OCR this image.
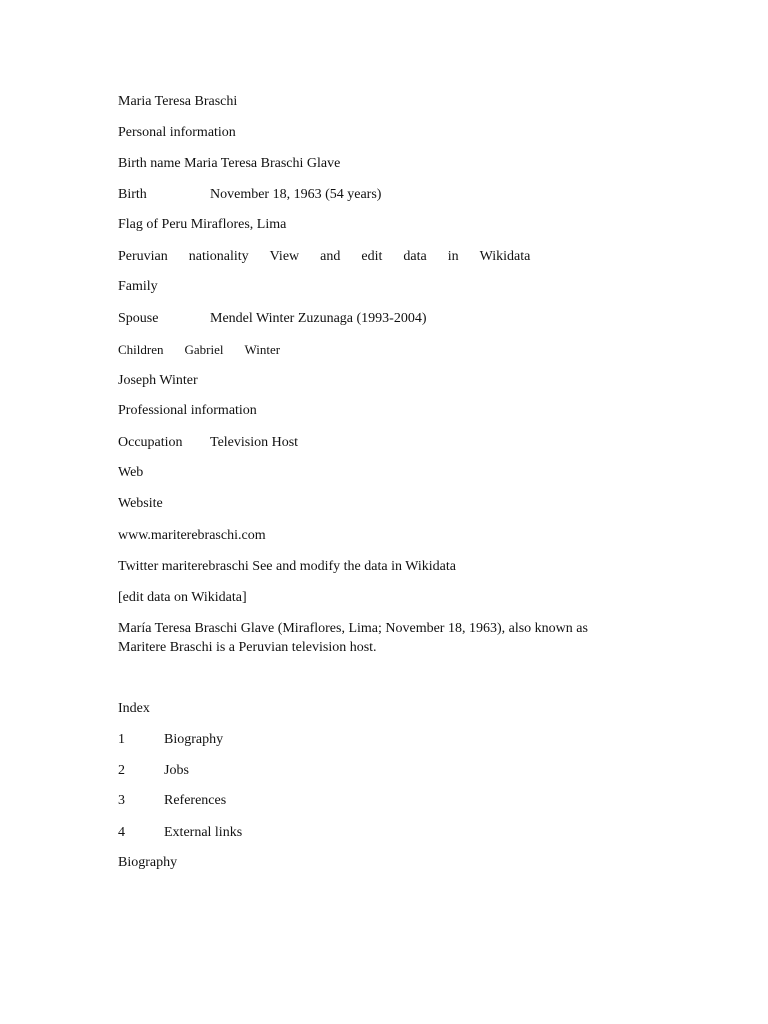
Maria Teresa Braschi
Personal information
Birth name Maria Teresa Braschi Glave
Birth	November 18, 1963 (54 years)
Flag of Peru Miraflores, Lima
Peruvian nationality View and edit data in Wikidata
Family
Spouse	Mendel Winter Zuzunaga (1993-2004)
Children Gabriel Winter
Joseph Winter
Professional information
Occupation Television Host
Web
Website
www.mariterebraschi.com
Twitter mariterebraschi See and modify the data in Wikidata
[edit data on Wikidata]
María Teresa Braschi Glave (Miraflores, Lima; November 18, 1963), also known as Maritere Braschi is a Peruvian television host.
Index
1	Biography
2	Jobs
3	References
4	External links
Biography
